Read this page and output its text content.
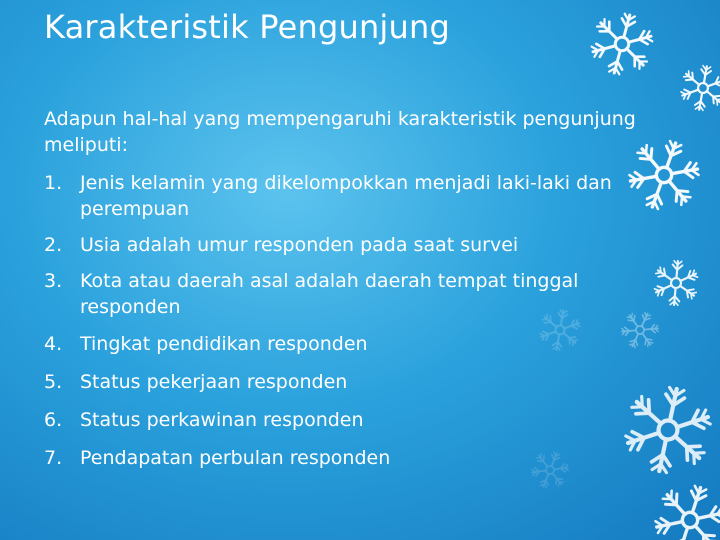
Karakteristik Pengunjung

Adapun hal-hal yang mempengaruhi karakteristik pengunjung meliputi:

1. Jenis kelamin yang dikelompokkan menjadi laki-laki dan perempuan
2. Usia adalah umur responden pada saat survei
3. Kota atau daerah asal adalah daerah tempat tinggal responden
4. Tingkat pendidikan responden
5. Status pekerjaan responden
6. Status perkawinan responden
7. Pendapatan perbulan responden
